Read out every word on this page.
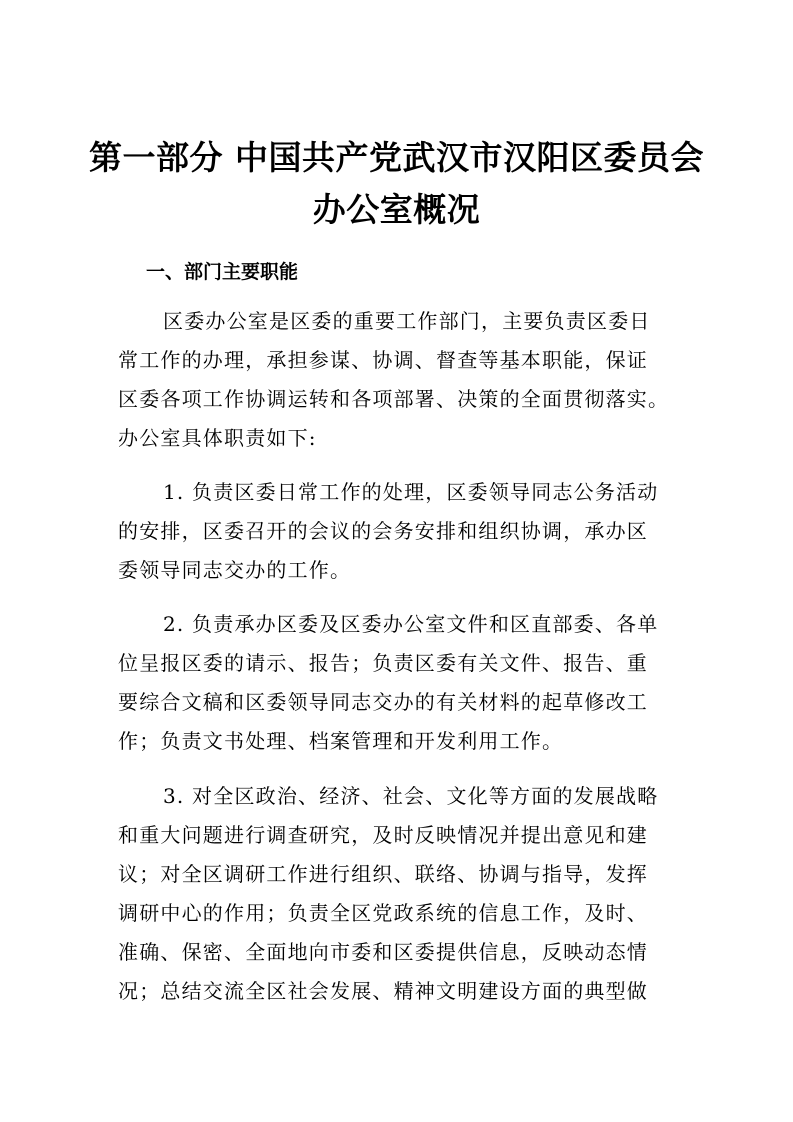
第一部分 中国共产党武汉市汉阳区委员会
办公室概况
一、部门主要职能
区委办公室是区委的重要工作部门，主要负责区委日
常工作的办理，承担参谋、协调、督查等基本职能，保证
区委各项工作协调运转和各项部署、决策的全面贯彻落实。
办公室具体职责如下:
1. 负责区委日常工作的处理，区委领导同志公务活动
的安排，区委召开的会议的会务安排和组织协调，承办区
委领导同志交办的工作。
2. 负责承办区委及区委办公室文件和区直部委、各单
位呈报区委的请示、报告；负责区委有关文件、报告、重
要综合文稿和区委领导同志交办的有关材料的起草修改工
作；负责文书处理、档案管理和开发利用工作。
3. 对全区政治、经济、社会、文化等方面的发展战略
和重大问题进行调查研究，及时反映情况并提出意见和建
议；对全区调研工作进行组织、联络、协调与指导，发挥
调研中心的作用；负责全区党政系统的信息工作，及时、
准确、保密、全面地向市委和区委提供信息，反映动态情
况；总结交流全区社会发展、精神文明建设方面的典型做
